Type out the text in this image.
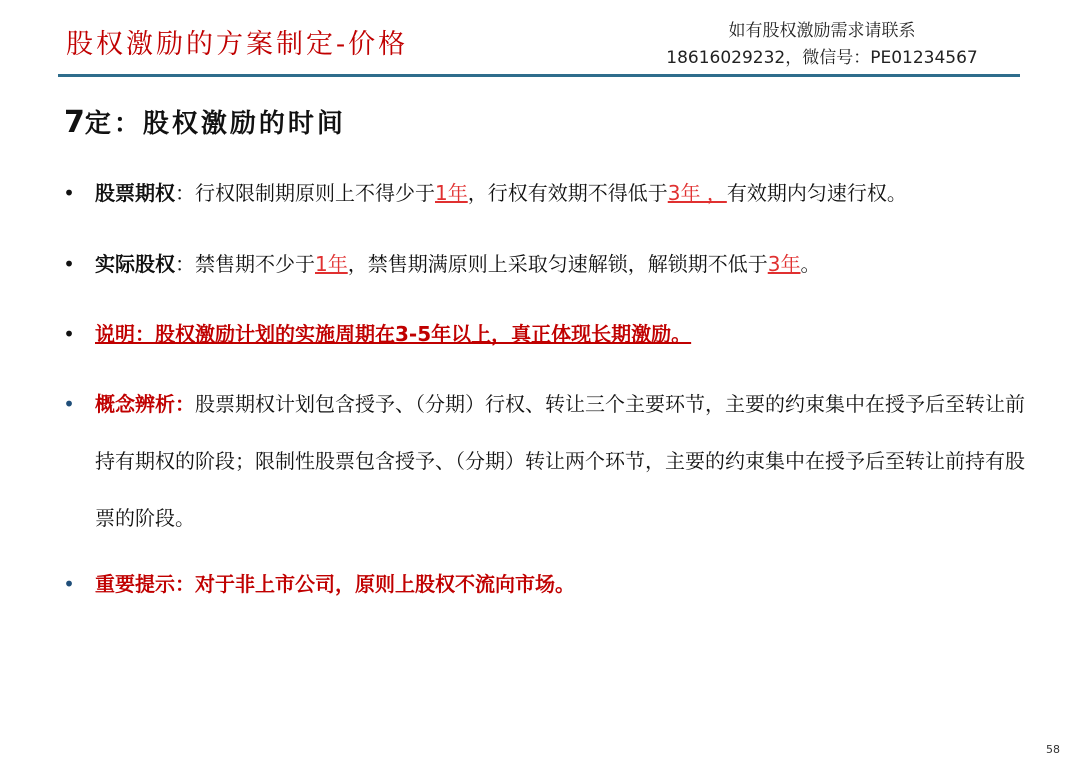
股权激励的方案制定-价格	如有股权激励需求请联系
18616029232，微信号：PE01234567
7定：股权激励的时间
• 股票期权：行权限制期原则上不得少于1年，行权有效期不得低于3年 ，有效期内匀速行权。
• 实际股权：禁售期不少于1年，禁售期满原则上采取匀速解锁，解锁期不低于3年。
• 说明：股权激励计划的实施周期在3-5年以上，真正体现长期激励。
• 概念辨析：股票期权计划包含授予、（分期）行权、转让三个主要环节，主要的约束集中在授予后至转让前持有期权的阶段；限制性股票包含授予、（分期）转让两个环节，主要的约束集中在授予后至转让前持有股票的阶段。
• 重要提示：对于非上市公司，原则上股权不流向市场。
58
